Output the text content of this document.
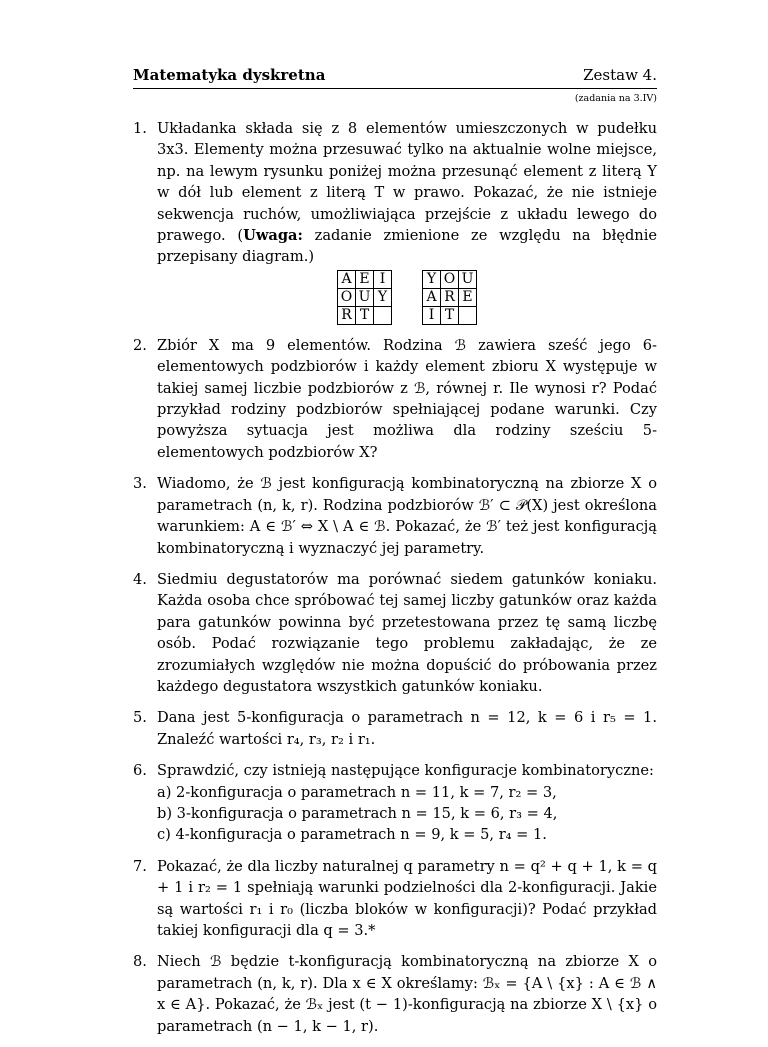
Matematyka dyskretna	Zestaw 4.
(zadania na 3.IV)
1. Układanka składa się z 8 elementów umieszczonych w pudełku 3x3. Elementy można przesuwać tylko na aktualnie wolne miejsce, np. na lewym rysunku poniżej można przesunąć element z literą Y w dół lub element z literą T w prawo. Pokazać, że nie istnieje sekwencja ruchów, umożliwiająca przejście z układu lewego do prawego. (Uwaga: zadanie zmienione ze względu na błędnie przepisany diagram.)
A	E	I
O	U	Y
R	T	
Y	O	U
A	R	E
I	T	
2. Zbiór X ma 9 elementów. Rodzina ℬ zawiera sześć jego 6-elementowych podzbiorów i każdy element zbioru X występuje w takiej samej liczbie podzbiorów z ℬ, równej r. Ile wynosi r? Podać przykład rodziny podzbiorów spełniającej podane warunki. Czy powyższa sytuacja jest możliwa dla rodziny sześciu 5-elementowych podzbiorów X?
3. Wiadomo, że ℬ jest konfiguracją kombinatoryczną na zbiorze X o parametrach (n, k, r). Rodzina podzbiorów ℬ′ ⊂ 𝒫(X) jest określona warunkiem: A ∈ ℬ′ ⇔ X \ A ∈ ℬ. Pokazać, że ℬ′ też jest konfiguracją kombinatoryczną i wyznaczyć jej parametry.
4. Siedmiu degustatorów ma porównać siedem gatunków koniaku. Każda osoba chce spróbować tej samej liczby gatunków oraz każda para gatunków powinna być przetestowana przez tę samą liczbę osób. Podać rozwiązanie tego problemu zakładając, że ze zrozumiałych względów nie można dopuścić do próbowania przez każdego degustatora wszystkich gatunków koniaku.
5. Dana jest 5-konfiguracja o parametrach n = 12, k = 6 i r₅ = 1. Znaleźć wartości r₄, r₃, r₂ i r₁.
6. Sprawdzić, czy istnieją następujące konfiguracje kombinatoryczne:
a) 2-konfiguracja o parametrach n = 11, k = 7, r₂ = 3,
b) 3-konfiguracja o parametrach n = 15, k = 6, r₃ = 4,
c) 4-konfiguracja o parametrach n = 9, k = 5, r₄ = 1.
7. Pokazać, że dla liczby naturalnej q parametry n = q² + q + 1, k = q + 1 i r₂ = 1 spełniają warunki podzielności dla 2-konfiguracji. Jakie są wartości r₁ i r₀ (liczba bloków w konfiguracji)? Podać przykład takiej konfiguracji dla q = 3.*
8. Niech ℬ będzie t-konfiguracją kombinatoryczną na zbiorze X o parametrach (n, k, r). Dla x ∈ X określamy: ℬₓ = {A \ {x} : A ∈ ℬ ∧ x ∈ A}. Pokazać, że ℬₓ jest (t − 1)-konfiguracją na zbiorze X \ {x} o parametrach (n − 1, k − 1, r).
